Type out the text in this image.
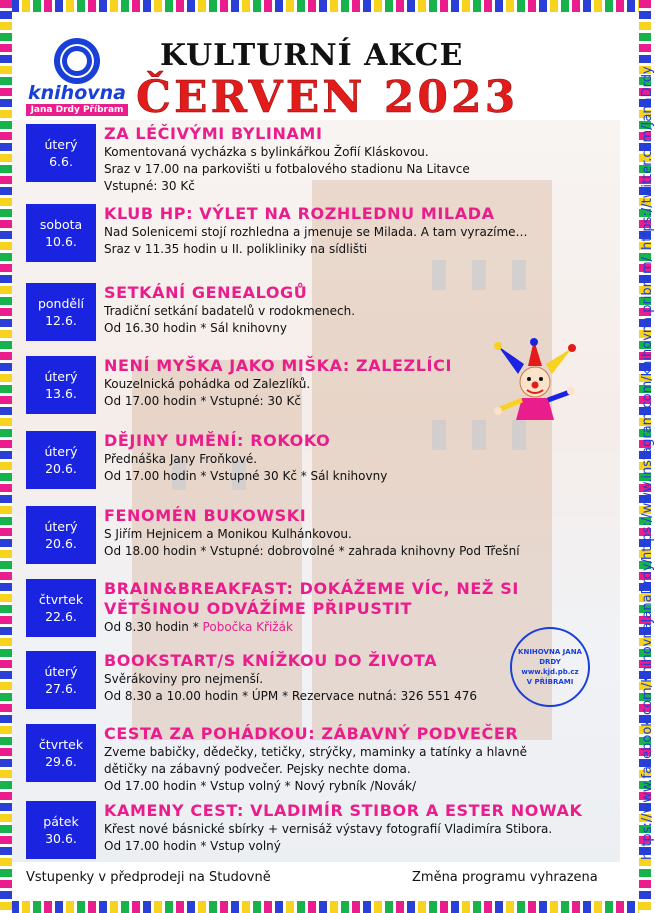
knihovna
Jana Drdy Příbram
KULTURNÍ AKCE
ČERVEN 2023	https://twitter.com/JanaDrdy
https://www.instagram.com/knihovna.pribram/
https://www.facebook.com/KnihovnaJanaDrdy/
úterý
6.6.
ZA LÉČIVÝMI BYLINAMI
Komentovaná vycházka s bylinkářkou Žofií Kláskovou.
Sraz v 17.00 na parkovišti u fotbalového stadionu Na Litavce
Vstupné: 30 Kč
sobota
10.6.
KLUB HP: VÝLET NA ROZHLEDNU MILADA
Nad Solenicemi stojí rozhledna a jmenuje se Milada. A tam vyrazíme…
Sraz v 11.35 hodin u II. polikliniky na sídlišti
pondělí
12.6.
SETKÁNÍ GENEALOGŮ
Tradiční setkání badatelů v rodokmenech.
Od 16.30 hodin * Sál knihovny
úterý
13.6.
NENÍ MYŠKA JAKO MIŠKA: ZALEZLÍCI
Kouzelnická pohádka od Zalezlíků.
Od 17.00 hodin * Vstupné: 30 Kč
úterý
20.6.
DĚJINY UMĚNÍ: ROKOKO
Přednáška Jany Froňkové.
Od 17.00 hodin * Vstupné 30 Kč * Sál knihovny
úterý
20.6.
FENOMÉN BUKOWSKI
S Jiřím Hejnicem a Monikou Kulhánkovou.
Od 18.00 hodin * Vstupné: dobrovolné * zahrada knihovny Pod Třešní
čtvrtek
22.6.
BRAIN&BREAKFAST: DOKÁŽEME VÍC, NEŽ SI
VĚTŠINOU ODVÁŽÍME PŘIPUSTIT
Od 8.30 hodin * Pobočka Křižák
úterý
27.6.
BOOKSTART/S KNÍŽKOU DO ŽIVOTA
Svěrákoviny pro nejmenší.
Od 8.30 a 10.00 hodin * ÚPM * Rezervace nutná: 326 551 476
čtvrtek
29.6.
CESTA ZA POHÁDKOU: ZÁBAVNÝ PODVEČER
Zveme babičky, dědečky, tetičky, strýčky, maminky a tatínky a hlavně
dětičky na zábavný podvečer. Pejsky nechte doma.
Od 17.00 hodin * Vstup volný * Nový rybník /Novák/
pátek
30.6.
KAMENY CEST: VLADIMÍR STIBOR A ESTER NOWAK
Křest nové básnické sbírky + vernisáž výstavy fotografií Vladimíra Stibora.
Od 17.00 hodin * Vstup volný
KNIHOVNA JANA DRDY
www.kjd.pb.cz
V PŘÍBRAMI
Vstupenky v předprodeji na Studovně	Změna programu vyhrazena
